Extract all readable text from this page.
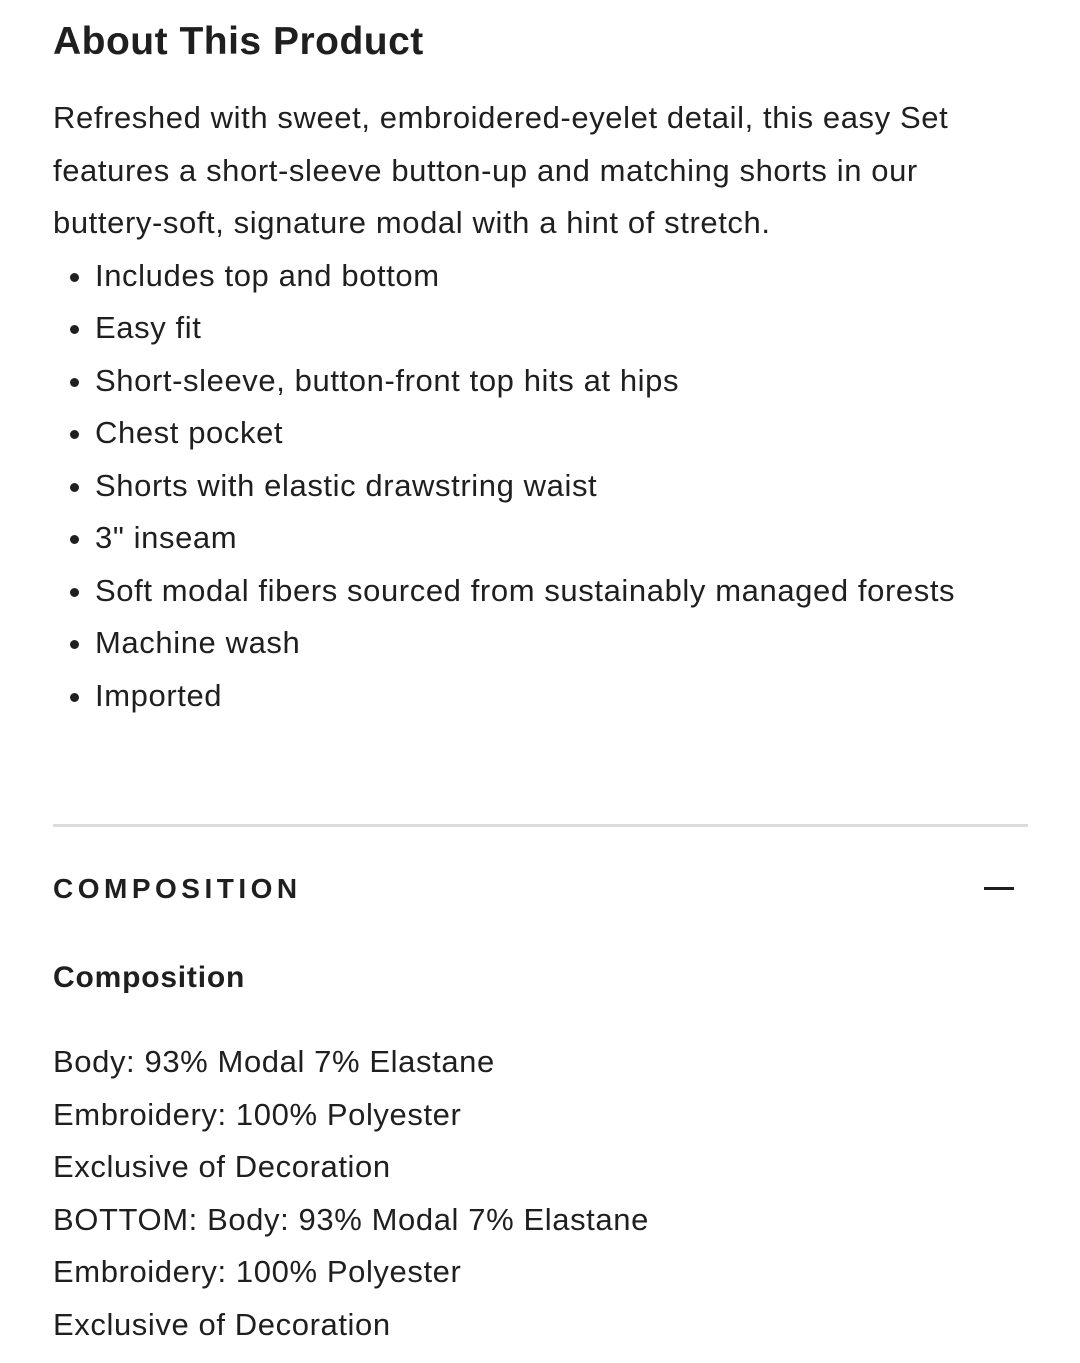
About This Product

Refreshed with sweet, embroidered-eyelet detail, this easy Set features a short-sleeve button-up and matching shorts in our buttery-soft, signature modal with a hint of stretch.

• Includes top and bottom
• Easy fit
• Short-sleeve, button-front top hits at hips
• Chest pocket
• Shorts with elastic drawstring waist
• 3" inseam
• Soft modal fibers sourced from sustainably managed forests
• Machine wash
• Imported
COMPOSITION
Composition
Body: 93% Modal 7% Elastane
Embroidery: 100% Polyester
Exclusive of Decoration
BOTTOM: Body: 93% Modal 7% Elastane
Embroidery: 100% Polyester
Exclusive of Decoration
